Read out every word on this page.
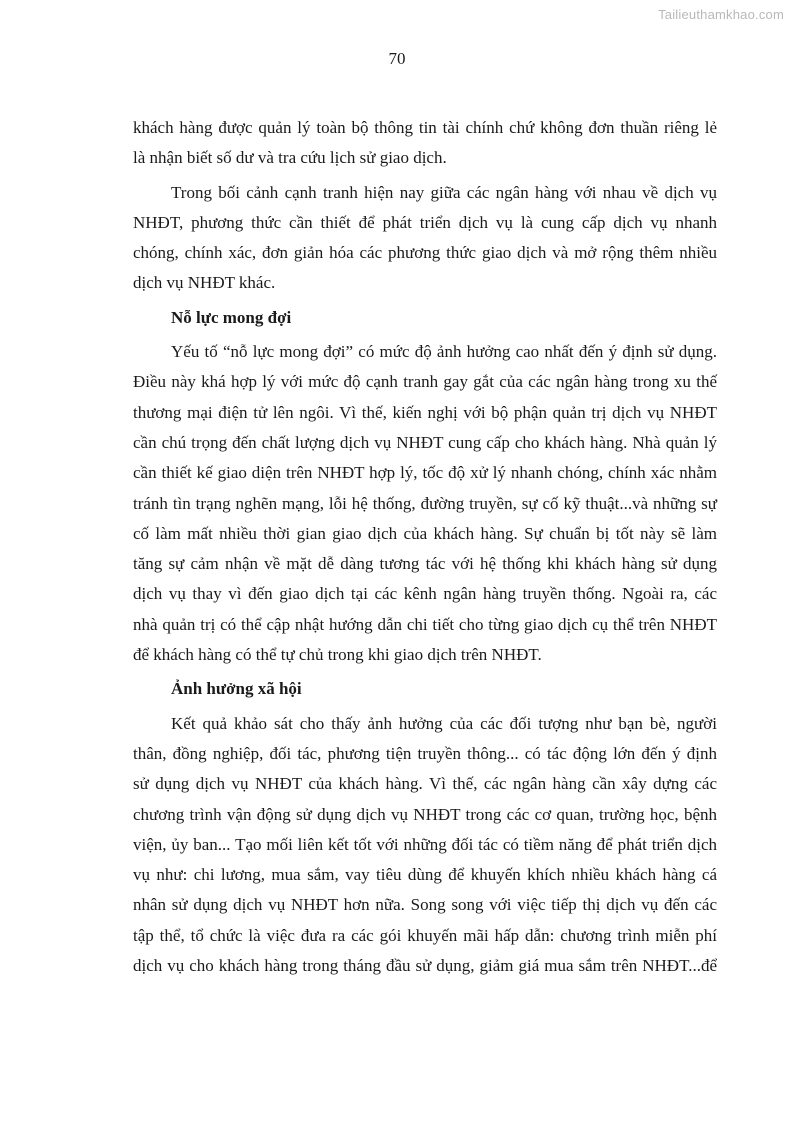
Tailieuthamkhao.com
70
khách hàng được quản lý toàn bộ thông tin tài chính chứ không đơn thuần riêng lẻ
là nhận biết số dư và tra cứu lịch sử giao dịch.
Trong bối cảnh cạnh tranh hiện nay giữa các ngân hàng với nhau về dịch vụ
NHĐT, phương thức cần thiết để phát triển dịch vụ là cung cấp dịch vụ nhanh
chóng, chính xác, đơn giản hóa các phương thức giao dịch và mở rộng thêm nhiều
dịch vụ NHĐT khác.
Nỗ lực mong đợi
Yếu tố “nỗ lực mong đợi” có mức độ ảnh hưởng cao nhất đến ý định sử dụng.
Điều này khá hợp lý với mức độ cạnh tranh gay gắt của các ngân hàng trong xu thế
thương mại điện tử lên ngôi. Vì thế, kiến nghị với bộ phận quản trị dịch vụ NHĐT
cần chú trọng đến chất lượng dịch vụ NHĐT cung cấp cho khách hàng. Nhà quản lý
cần thiết kế giao diện trên NHĐT hợp lý, tốc độ xử lý nhanh chóng, chính xác nhằm
tránh tìn trạng nghẽn mạng, lỗi hệ thống, đường truyền, sự cố kỹ thuật...và những sự
cố làm mất nhiều thời gian giao dịch của khách hàng. Sự chuẩn bị tốt này sẽ làm
tăng sự cảm nhận về mặt dễ dàng tương tác với hệ thống khi khách hàng sử dụng
dịch vụ thay vì đến giao dịch tại các kênh ngân hàng truyền thống. Ngoài ra, các
nhà quản trị có thể cập nhật hướng dẫn chi tiết cho từng giao dịch cụ thể trên NHĐT
để khách hàng có thể tự chủ trong khi giao dịch trên NHĐT.
Ảnh hưởng xã hội
Kết quả khảo sát cho thấy ảnh hưởng của các đối tượng như bạn bè, người
thân, đồng nghiệp, đối tác, phương tiện truyền thông... có tác động lớn đến ý định
sử dụng dịch vụ NHĐT của khách hàng. Vì thế, các ngân hàng cần xây dựng các
chương trình vận động sử dụng dịch vụ NHĐT trong các cơ quan, trường học, bệnh
viện, ủy ban... Tạo mối liên kết tốt với những đối tác có tiềm năng để phát triển dịch
vụ như: chi lương, mua sắm, vay tiêu dùng để khuyến khích nhiều khách hàng cá
nhân sử dụng dịch vụ NHĐT hơn nữa. Song song với việc tiếp thị dịch vụ đến các
tập thể, tổ chức là việc đưa ra các gói khuyến mãi hấp dẫn: chương trình miễn phí
dịch vụ cho khách hàng trong tháng đầu sử dụng, giảm giá mua sắm trên NHĐT...để
